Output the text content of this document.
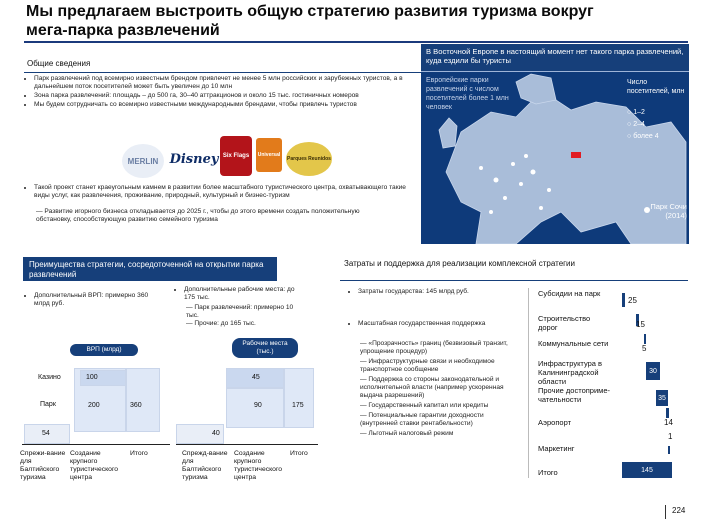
Мы предлагаем выстроить общую стратегию развития туризма вокруг мега-парка развлечений
Общие сведения
• Парк развлечений под всемирно известным брендом привлечет не менее 5 млн российских и зарубежных туристов, а в дальнейшем поток посетителей может быть увеличен до 10 млн
• Зона парка развлечений: площадь – до 500 га, 30–40 аттракционов и около 15 тыс. гостиничных номеров
• Мы будем сотрудничать со всемирно известными международными брендами, чтобы привлечь туристов
MERLIN Disney Six Flags Universal
Parques Reunidos
• Такой проект станет краеугольным камнем в развитии более масштабного туристического центра, охватывающего такие виды услуг, как развлечения, проживание, природный, культурный и бизнес-туризм
— Развитие игорного бизнеса откладывается до 2025 г., чтобы до этого времени создать положительную обстановку, способствующую развитию семейного туризма
В Восточной Европе в настоящий момент нет такого парка развлечений, куда ездили бы туристы
Европейские парки развлечений с числом посетителей более 1 млн человек
Число посетителей, млн
○ 1–2
○ 2–4
○ более 4
Парк Сочи (2014)
Преимущества стратегии, сосредоточенной на открытии парка развлечений
• Дополнительный ВРП: примерно 360 млрд руб.
• Дополнительные рабочие места: до 175 тыс.
— Парк развлечений: примерно 10 тыс.
— Прочие: до 165 тыс.
ВРП (млрд)
Казино
Парк
100
200	360
54
Спрежи-вание для Балтийского туризма
Создание крупного туристического центра
Итого
Рабочие места (тыс.)
45
90	175
40
Спрежд-вание для Балтийского туризма
Создание крупного туристического центра
Итого
Затраты и поддержка для реализации комплексной стратегии
• Затраты государства: 145 млрд руб.
• Масштабная государственная поддержка
— «Прозрачность» границ (безвизовый транзит, упрощение процедур)
— Инфраструктурные связи и необходимое транспортное сообщение
— Поддержка со стороны законодательной и исполнительной власти (например ускоренная выдача разрешений)
— Государственный капитал или кредиты
— Потенциальные гарантии доходности (внутренней ставки рентабельности)
— Льготный налоговый режим
Субсидии на парк
Строительство дорог
Коммунальные сети
Инфраструктура в Калининградской области
Прочие достоприме-чательности
Аэропорт
Маркетинг
Итого
25
15
5
30
35
14
1
145
224
